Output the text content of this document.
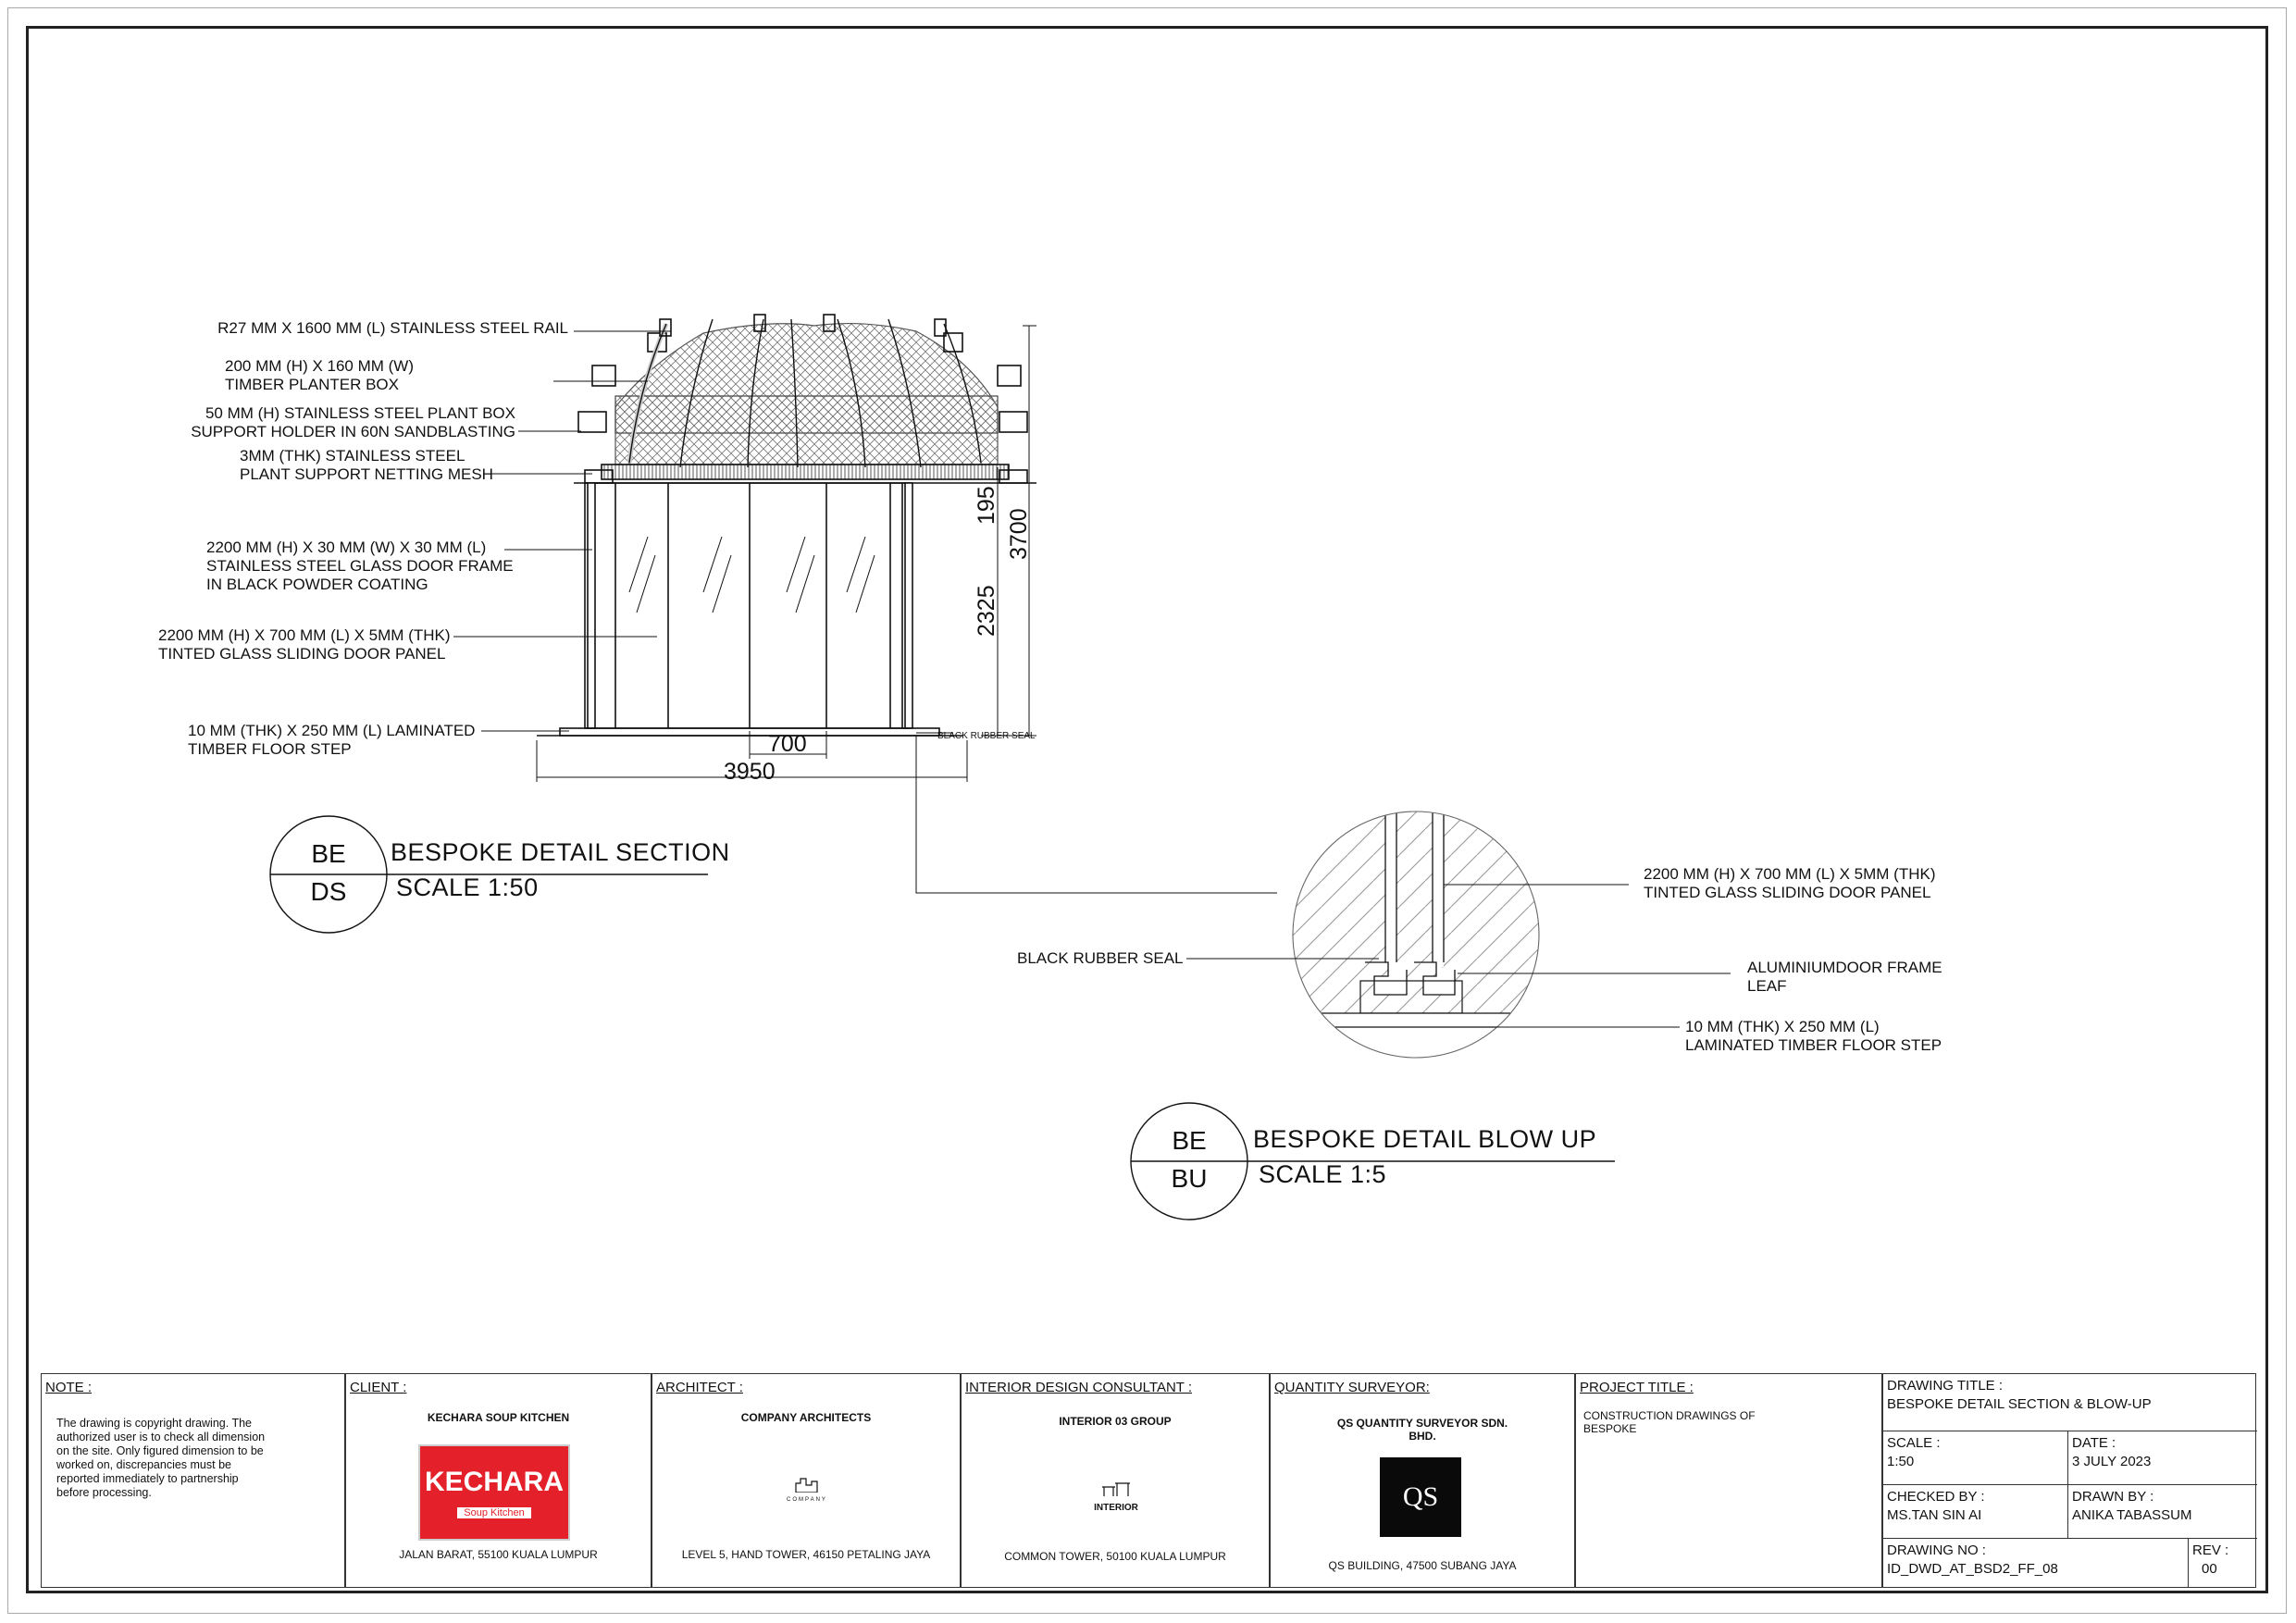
R27 MM X 1600 MM (L) STAINLESS STEEL RAIL
200 MM (H) X 160 MM (W)
TIMBER PLANTER BOX
50 MM (H) STAINLESS STEEL PLANT BOX
SUPPORT HOLDER IN 60N SANDBLASTING
3MM (THK) STAINLESS STEEL
PLANT SUPPORT NETTING MESH
2200 MM (H) X 30 MM (W) X 30 MM (L)
STAINLESS STEEL GLASS DOOR FRAME
IN BLACK POWDER COATING
2200 MM (H) X 700 MM (L) X 5MM (THK)
TINTED GLASS SLIDING DOOR PANEL
10 MM (THK) X 250 MM (L) LAMINATED
TIMBER FLOOR STEP
BLACK RUBBER SEAL
700
3950
195
3700
2325
BE
DS
BESPOKE DETAIL SECTION
SCALE 1:50	2200 MM (H) X 700 MM (L) X 5MM (THK)
TINTED GLASS SLIDING DOOR PANEL
BLACK RUBBER SEAL
ALUMINIUMDOOR FRAME
LEAF
10 MM (THK) X 250 MM (L)
LAMINATED TIMBER FLOOR STEP
BE
BU
BESPOKE DETAIL BLOW UP
SCALE 1:5
NOTE :
The drawing is copyright drawing. The
authorized user is to check all dimension
on the site. Only figured dimension to be
worked on, discrepancies must be
reported immediately to partnership
before processing.
CLIENT :
KECHARA SOUP KITCHEN
KECHARA
Soup Kitchen
JALAN BARAT, 55100 KUALA LUMPUR
ARCHITECT :
COMPANY ARCHITECTS
COMPANY
LEVEL 5, HAND TOWER, 46150 PETALING JAYA
INTERIOR DESIGN CONSULTANT :
INTERIOR 03 GROUP
INTERIOR
COMMON TOWER, 50100 KUALA LUMPUR
QUANTITY SURVEYOR:
QS QUANTITY SURVEYOR SDN.
BHD.
QS
QS BUILDING, 47500 SUBANG JAYA
PROJECT TITLE :
CONSTRUCTION DRAWINGS OF
BESPOKE
DRAWING TITLE :
BESPOKE DETAIL SECTION & BLOW-UP
SCALE :
1:50
DATE :
3 JULY 2023
CHECKED BY :
MS.TAN SIN AI
DRAWN BY :
ANIKA TABASSUM
DRAWING NO :
ID_DWD_AT_BSD2_FF_08
REV :
00
